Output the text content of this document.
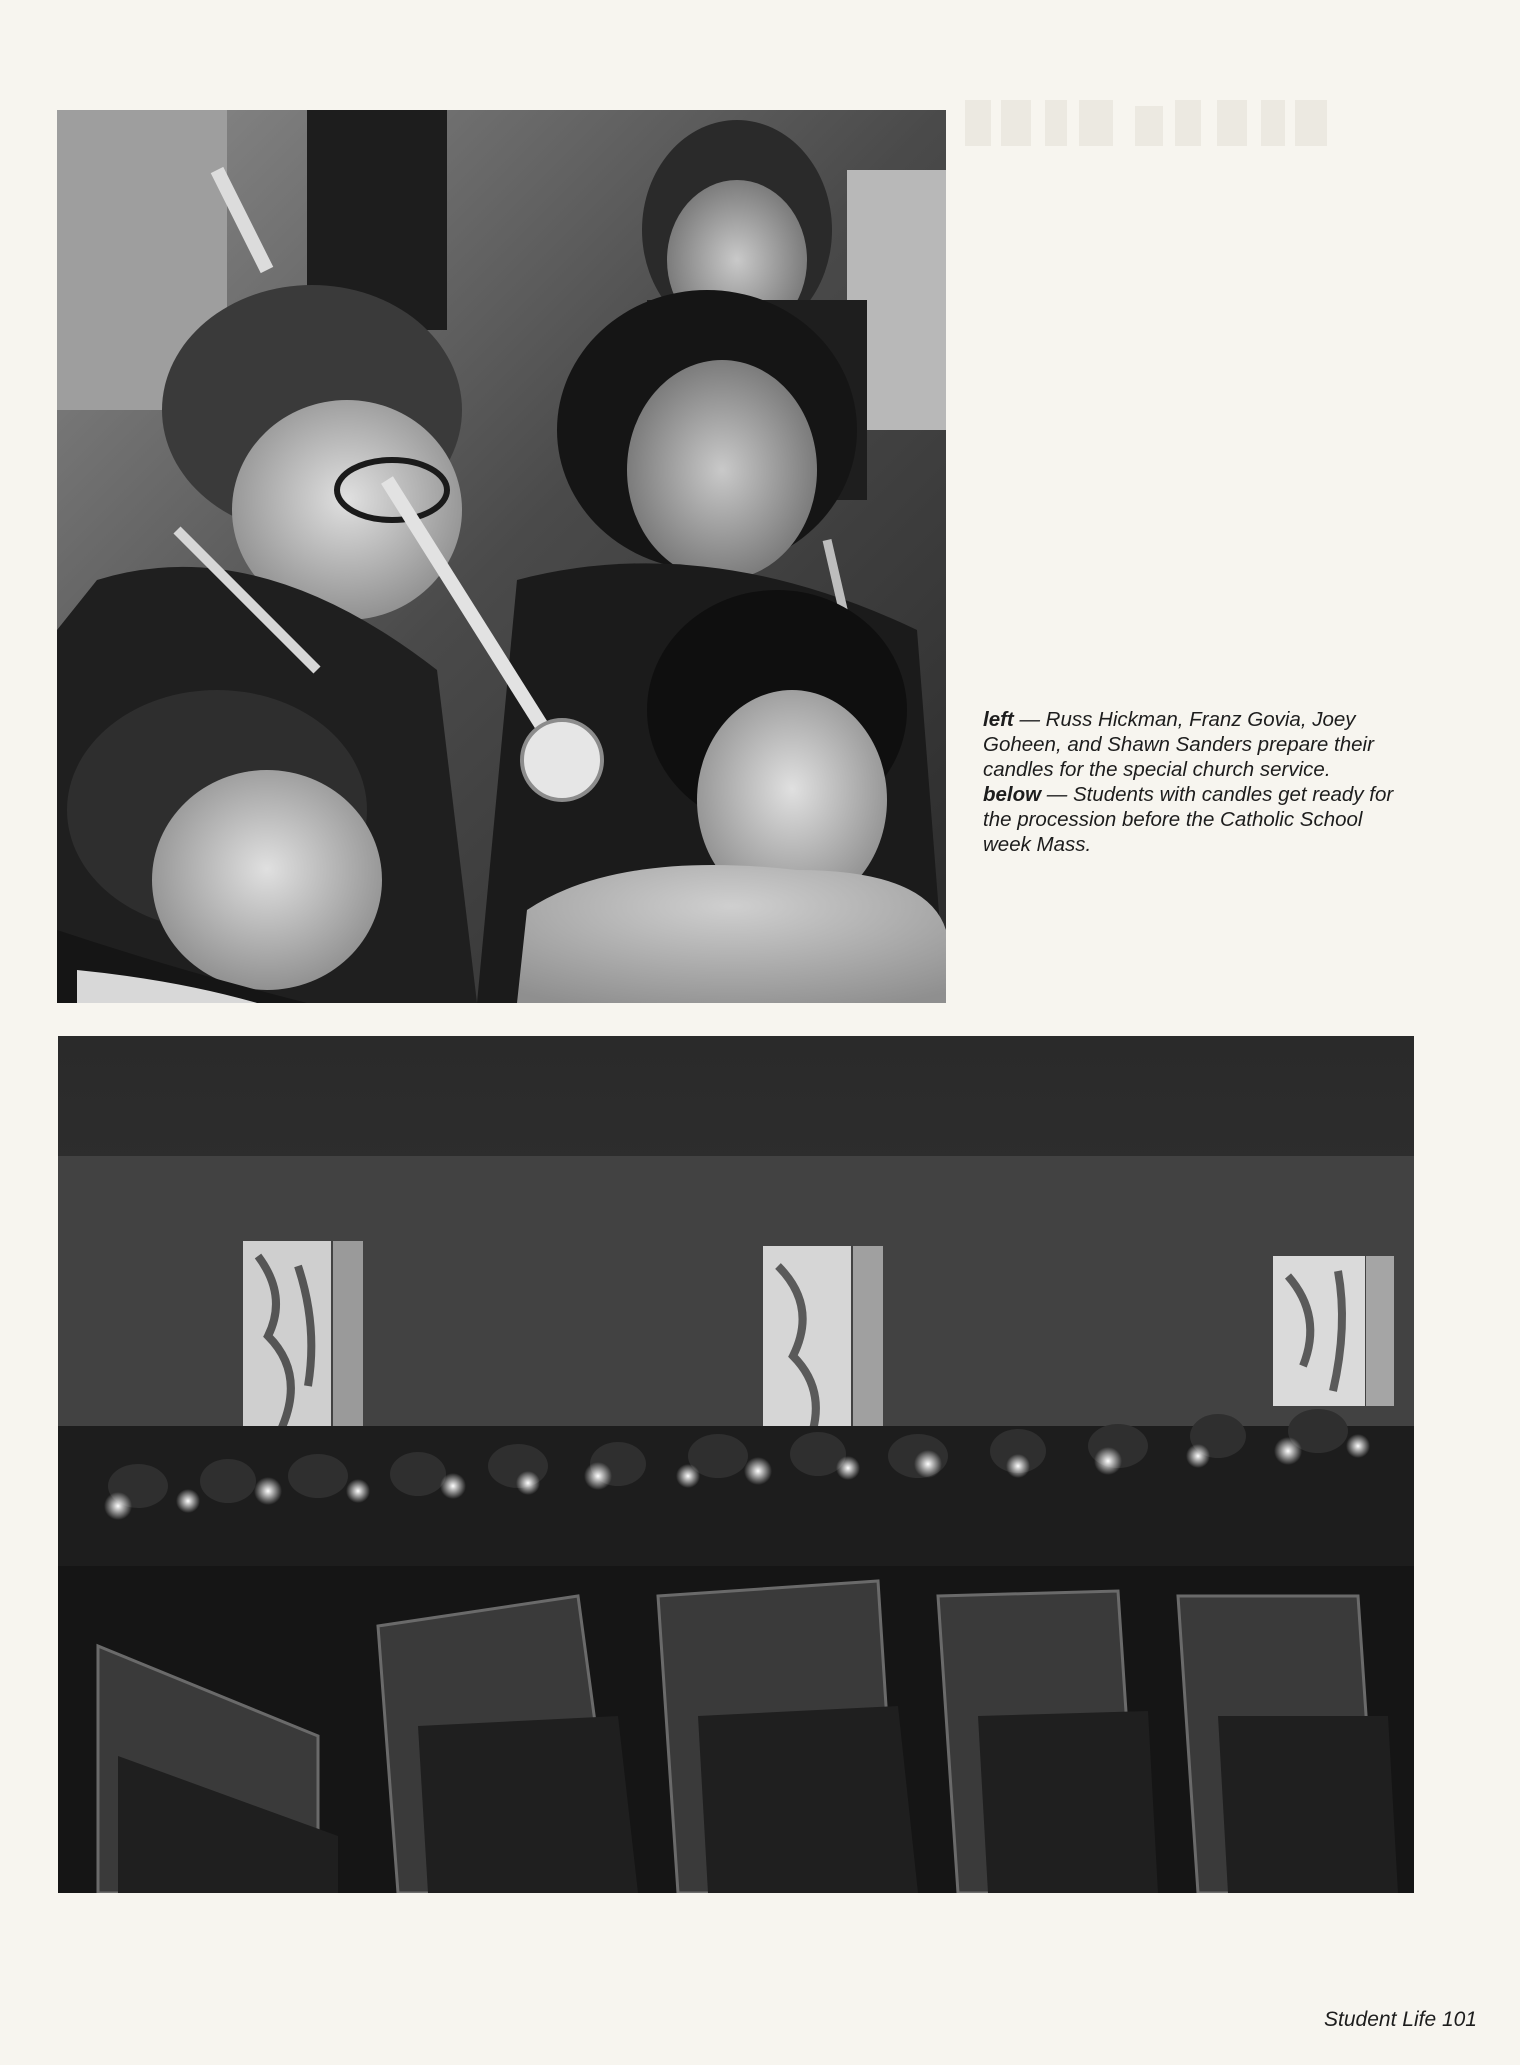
left — Russ Hickman, Franz Govia, Joey Goheen, and Shawn Sanders prepare their candles for the special church service.

below — Students with candles get ready for the procession before the Catholic School week Mass.

Student Life 101
